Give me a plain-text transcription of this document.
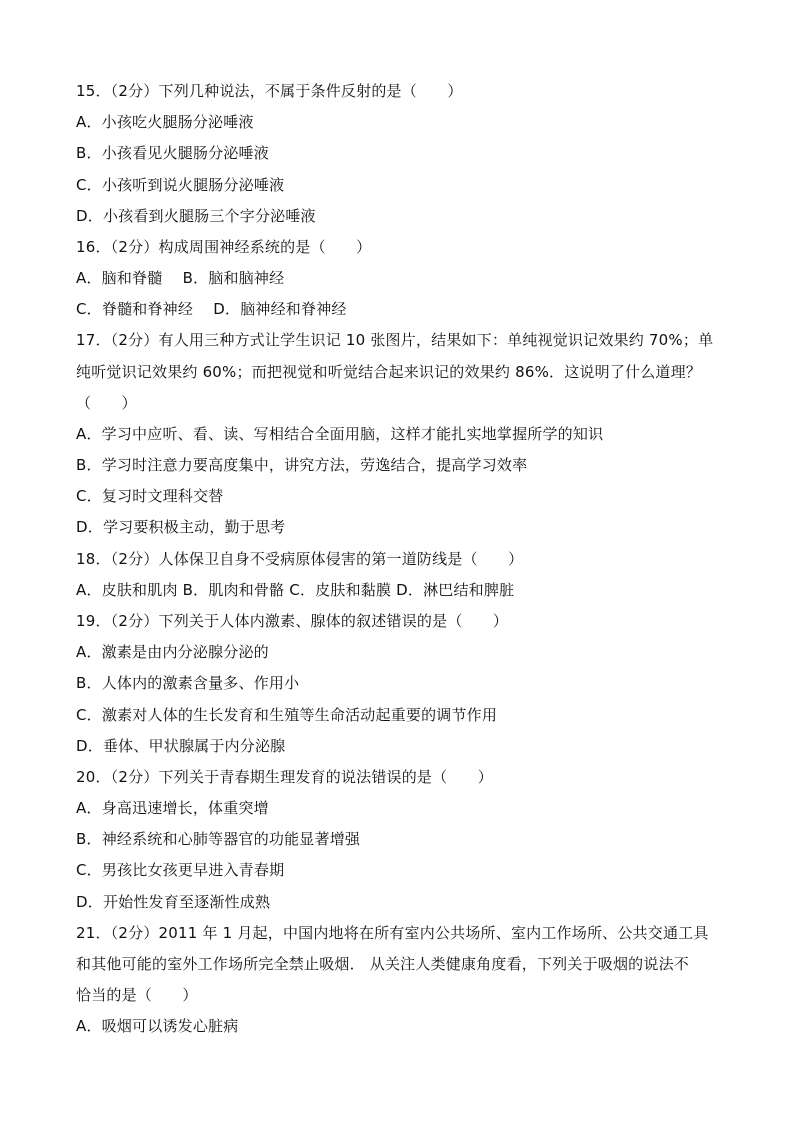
15．（2分）下列几种说法，不属于条件反射的是（　　）
A．小孩吃火腿肠分泌唾液
B．小孩看见火腿肠分泌唾液
C．小孩听到说火腿肠分泌唾液
D．小孩看到火腿肠三个字分泌唾液
16．（2分）构成周围神经系统的是（　　）
A．脑和脊髓　 B．脑和脑神经
C．脊髓和脊神经　 D．脑神经和脊神经
17．（2分）有人用三种方式让学生识记 10 张图片，结果如下：单纯视觉识记效果约 70%；单
纯听觉识记效果约 60%；而把视觉和听觉结合起来识记的效果约 86%．这说明了什么道理？
（　　）
A．学习中应听、看、读、写相结合全面用脑，这样才能扎实地掌握所学的知识
B．学习时注意力要高度集中，讲究方法，劳逸结合，提高学习效率
C．复习时文理科交替
D．学习要积极主动，勤于思考
18．（2分）人体保卫自身不受病原体侵害的第一道防线是（　　）
A．皮肤和肌肉 B．肌肉和骨骼 C．皮肤和黏膜 D．淋巴结和脾脏
19．（2分）下列关于人体内激素、腺体的叙述错误的是（　　）
A．激素是由内分泌腺分泌的
B．人体内的激素含量多、作用小
C．激素对人体的生长发育和生殖等生命活动起重要的调节作用
D．垂体、甲状腺属于内分泌腺
20．（2分）下列关于青春期生理发育的说法错误的是（　　）
A．身高迅速增长，体重突增
B．神经系统和心肺等器官的功能显著增强
C．男孩比女孩更早进入青春期
D．开始性发育至逐渐性成熟
21．（2分）2011 年 1 月起，中国内地将在所有室内公共场所、室内工作场所、公共交通工具
和其他可能的室外工作场所完全禁止吸烟． 从关注人类健康角度看，下列关于吸烟的说法不
恰当的是（　　）
A．吸烟可以诱发心脏病
